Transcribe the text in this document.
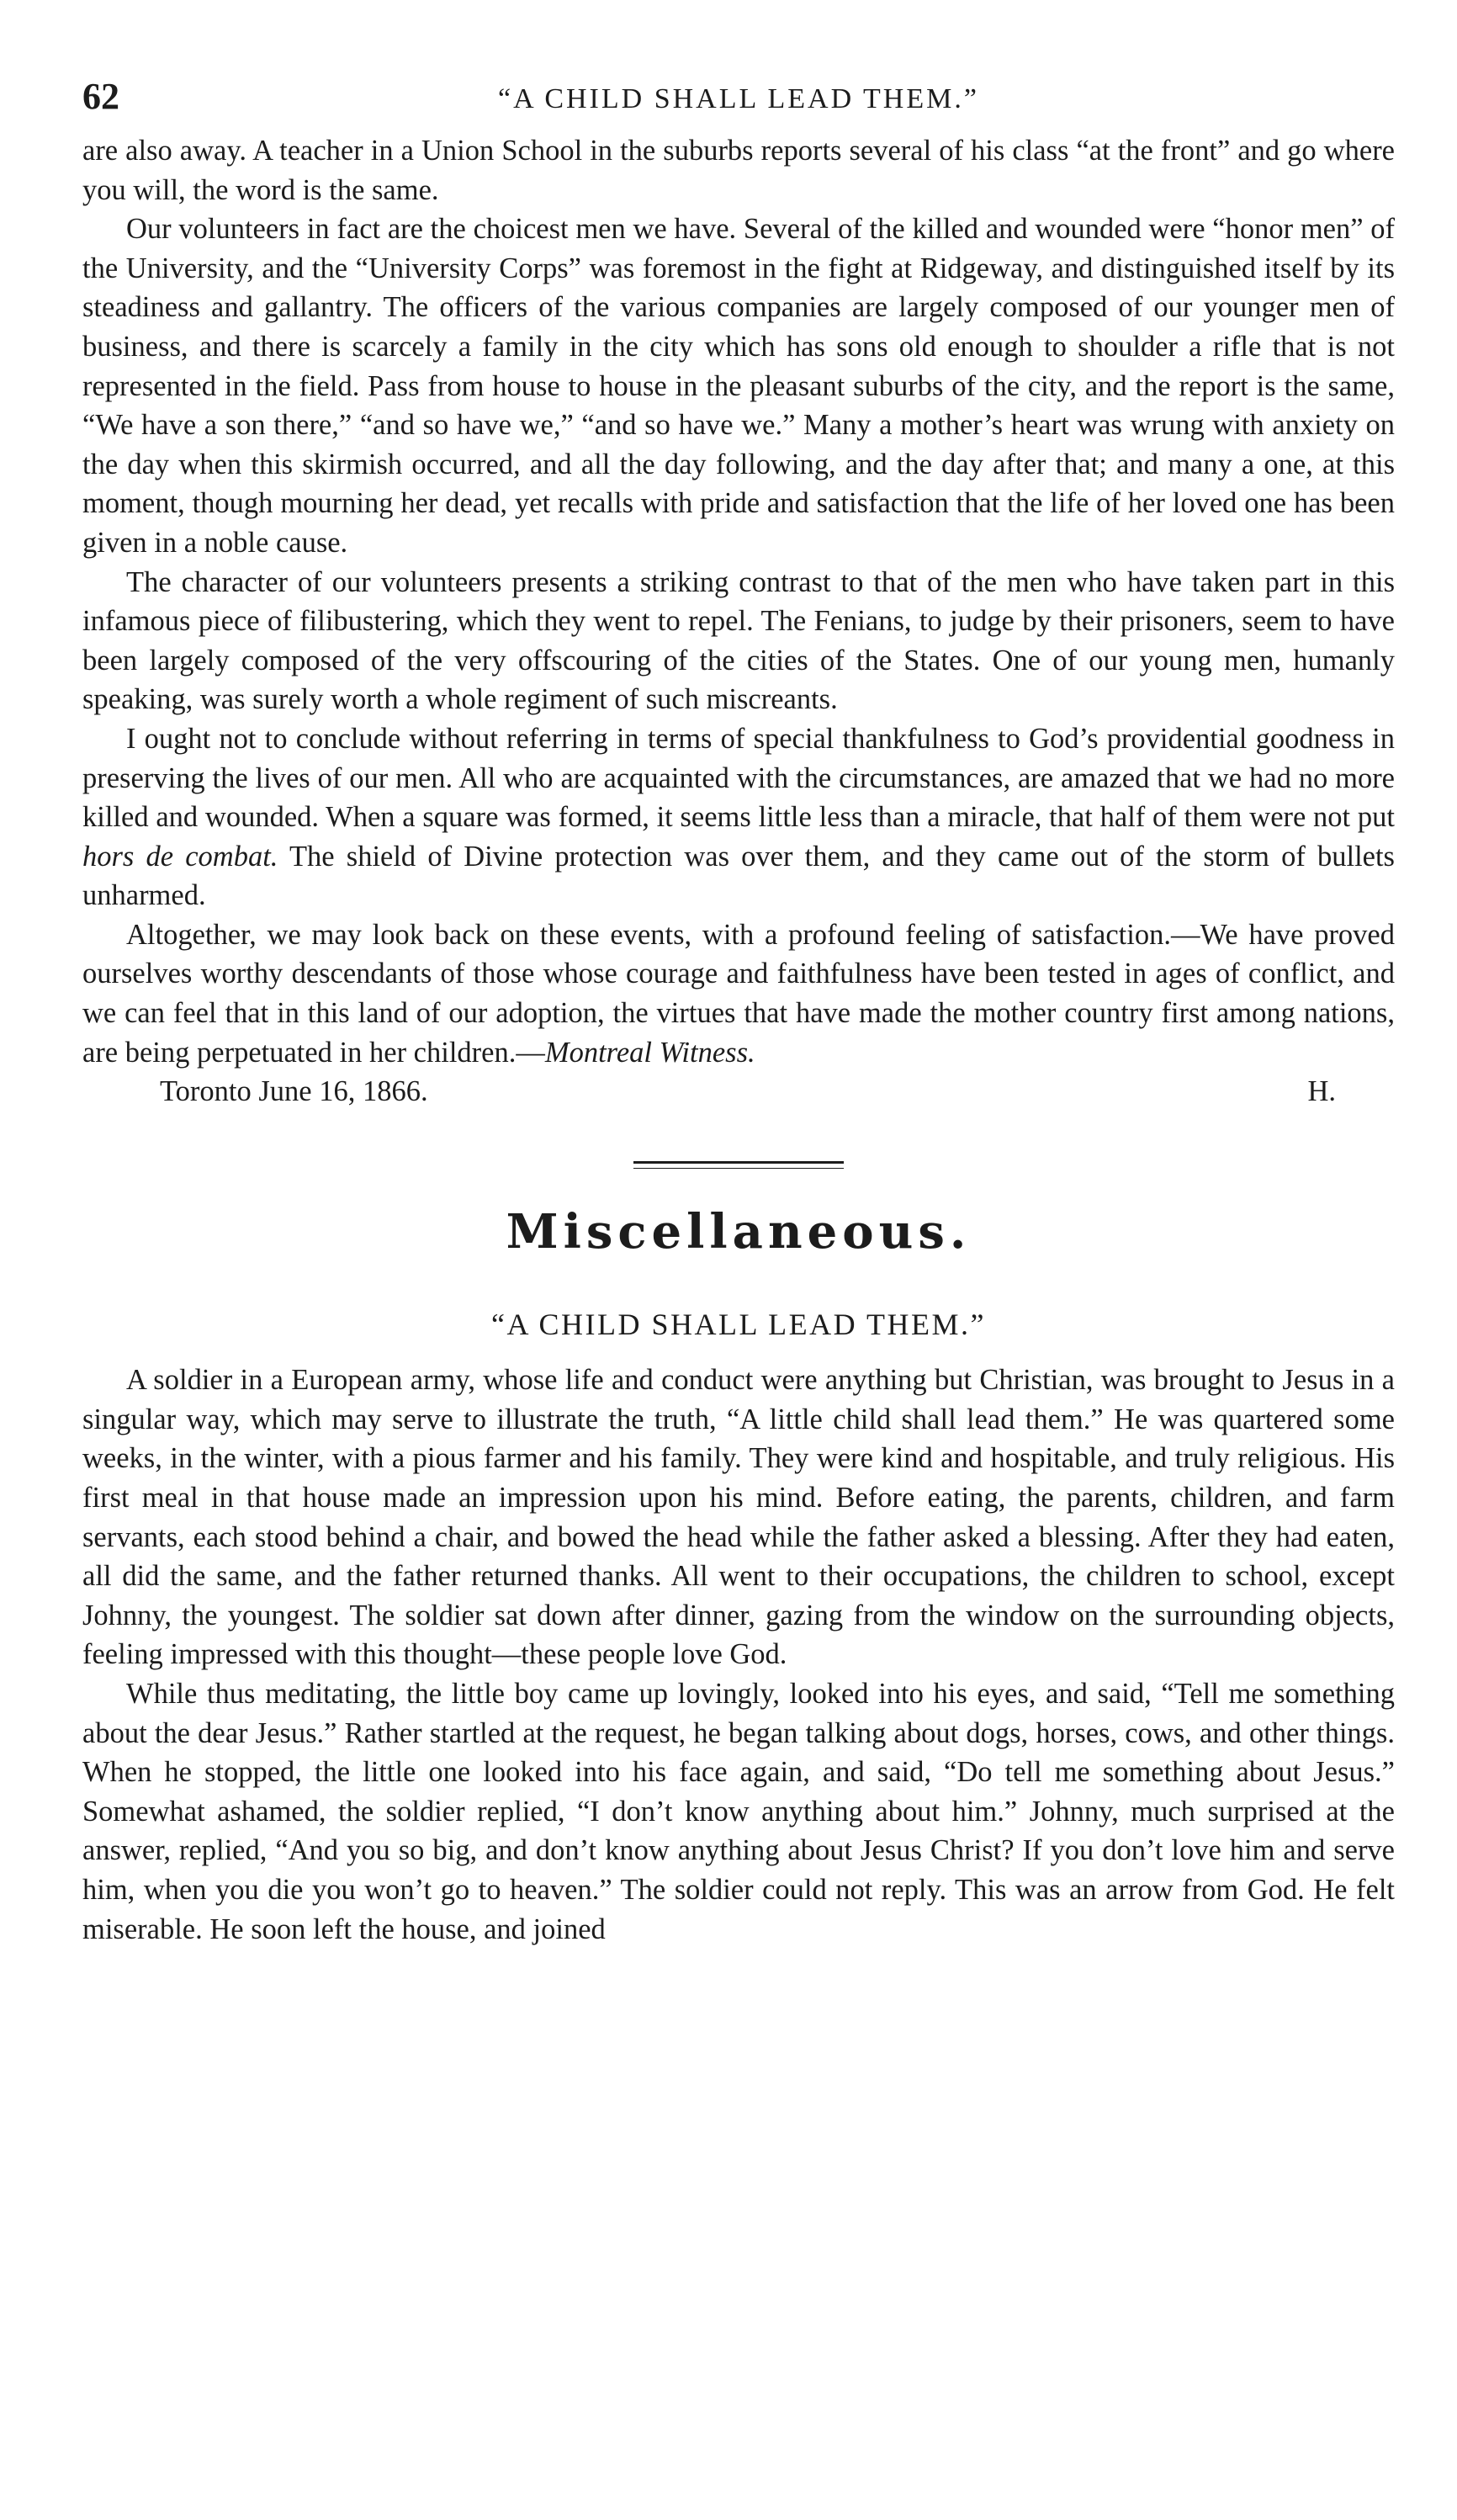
62	“A CHILD SHALL LEAD THEM.”

are also away. A teacher in a Union School in the suburbs reports several of his class “at the front” and go where you will, the word is the same.

Our volunteers in fact are the choicest men we have. Several of the killed and wounded were “honor men” of the University, and the “University Corps” was foremost in the fight at Ridgeway, and distinguished itself by its steadiness and gallantry. The officers of the various companies are largely composed of our younger men of business, and there is scarcely a family in the city which has sons old enough to shoulder a rifle that is not represented in the field. Pass from house to house in the pleasant suburbs of the city, and the report is the same, “We have a son there,” “and so have we,” “and so have we.” Many a mother’s heart was wrung with anxiety on the day when this skirmish occurred, and all the day following, and the day after that; and many a one, at this moment, though mourning her dead, yet recalls with pride and satisfaction that the life of her loved one has been given in a noble cause.

The character of our volunteers presents a striking contrast to that of the men who have taken part in this infamous piece of filibustering, which they went to repel. The Fenians, to judge by their prisoners, seem to have been largely composed of the very offscouring of the cities of the States. One of our young men, humanly speaking, was surely worth a whole regiment of such miscreants.

I ought not to conclude without referring in terms of special thankfulness to God’s providential goodness in preserving the lives of our men. All who are acquainted with the circumstances, are amazed that we had no more killed and wounded. When a square was formed, it seems little less than a miracle, that half of them were not put hors de combat. The shield of Divine protection was over them, and they came out of the storm of bullets unharmed.

Altogether, we may look back on these events, with a profound feeling of satisfaction.—We have proved ourselves worthy descendants of those whose courage and faithfulness have been tested in ages of conflict, and we can feel that in this land of our adoption, the virtues that have made the mother country first among nations, are being perpetuated in her children.—Montreal Witness.

Toronto June 16, 1866.	H.
Miscellaneous.
“A CHILD SHALL LEAD THEM.”

A soldier in a European army, whose life and conduct were anything but Christian, was brought to Jesus in a singular way, which may serve to illustrate the truth, “A little child shall lead them.” He was quartered some weeks, in the winter, with a pious farmer and his family. They were kind and hospitable, and truly religious. His first meal in that house made an impression upon his mind. Before eating, the parents, children, and farm servants, each stood behind a chair, and bowed the head while the father asked a blessing. After they had eaten, all did the same, and the father returned thanks. All went to their occupations, the children to school, except Johnny, the youngest. The soldier sat down after dinner, gazing from the window on the surrounding objects, feeling impressed with this thought—these people love God.

While thus meditating, the little boy came up lovingly, looked into his eyes, and said, “Tell me something about the dear Jesus.” Rather startled at the request, he began talking about dogs, horses, cows, and other things. When he stopped, the little one looked into his face again, and said, “Do tell me something about Jesus.” Somewhat ashamed, the soldier replied, “I don’t know anything about him.” Johnny, much surprised at the answer, replied, “And you so big, and don’t know anything about Jesus Christ? If you don’t love him and serve him, when you die you won’t go to heaven.” The soldier could not reply. This was an arrow from God. He felt miserable. He soon left the house, and joined
